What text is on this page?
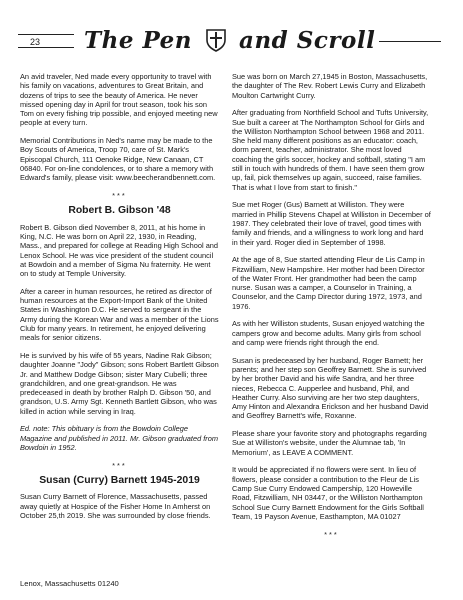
23	The Pen and Scroll

An avid traveler, Ned made every opportunity to travel with his family on vacations, adventures to Great Britain, and dozens of trips to see the beauty of America. He never missed opening day in April for trout season, took his son Tom on every fishing trip possible, and enjoyed meeting new people at every turn.

Memorial Contributions in Ned's name may be made to the Boy Scouts of America, Troop 70, care of St. Mark's Episcopal Church, 111 Oenoke Ridge, New Canaan, CT 06840. For on-line condolences, or to share a memory with Edward's family, please visit: www.beecherandbennett.com.

***
Robert B. Gibson '48

Robert B. Gibson died November 8, 2011, at his home in King, N.C. He was born on April 22, 1930, in Reading, Mass., and prepared for college at Reading High School and Lenox School. He was vice president of the student council at Bowdoin and a member of Sigma Nu fraternity. He went on to study at Temple University.

After a career in human resources, he retired as director of human resources at the Export-Import Bank of the United States in Washington D.C. He served to sergeant in the Army during the Korean War and was a member of the Lions Club for many years. In retirement, he enjoyed delivering meals for senior citizens.

He is survived by his wife of 55 years, Nadine Rak Gibson; daughter Joanne "Jody" Gibson; sons Robert Bartlett Gibson Jr. and Matthew Dodge Gibson; sister Mary Cubelli; three grandchildren, and one great-grandson. He was predeceased in death by brother Ralph D. Gibson '50, and grandson, U.S. Army Sgt. Kenneth Bartlett Gibson, who was killed in action while serving in Iraq.

Ed. note: This obituary is from the Bowdoin College Magazine and published in 2011. Mr. Gibson graduated from Bowdoin in 1952.

***
Susan (Curry) Barnett 1945-2019

Susan Curry Barnett of Florence, Massachusetts, passed away quietly at Hospice of the Fisher Home In Amherst on October 25,th 2019. She was surrounded by close friends.

Sue was born on March 27,1945 in Boston, Massachusetts, the daughter of The Rev. Robert Lewis Curry and Elizabeth Moulton Cartwright Curry.

After graduating from Northfield School and Tufts University, Sue built a career at The Northampton School for Girls and the Williston Northampton School between 1968 and 2011. She held many different positions as an educator: coach, dorm parent, teacher, administrator. She most loved coaching the girls soccer, hockey and softball, stating "I am still in touch with hundreds of them. I have seen them grow up, fail, pick themselves up again, succeed, raise families. That is what I love from start to finish."

Sue met Roger (Gus) Barnett at Williston. They were married in Phillip Stevens Chapel at Williston in December of 1987. They celebrated their love of travel, good times with family and friends, and a willingness to work long and hard in their yard. Roger died in September of 1998.

At the age of 8, Sue started attending Fleur de Lis Camp in Fitzwilliam, New Hampshire. Her mother had been Director of the Water Front. Her grandmother had been the camp nurse. Susan was a camper, a Counselor in Training, a Counselor, and the Camp Director during 1972, 1973, and 1976.

As with her Williston students, Susan enjoyed watching the campers grow and become adults. Many girls from school and camp were friends right through the end.

Susan is predeceased by her husband, Roger Barnett; her parents; and her step son Geoffrey Barnett. She is survived by her brother David and his wife Sandra, and her three nieces, Rebecca C. Aupperlee and husband, Phil, and Heather Curry. Also surviving are her two step daughters, Amy Hinton and Alexandra Erickson and her husband David and Geoffrey Barnett's wife, Roxanne.

Please share your favorite story and photographs regarding Sue at Williston's website, under the Alumnae tab, 'In Memorium', as LEAVE A COMMENT.

It would be appreciated if no flowers were sent. In lieu of flowers, please consider a contribution to the Fleur de Lis Camp Sue Curry Endowed Campership, 120 Howeville Road, Fitzwilliam, NH 03447, or the Williston Northampton School Sue Curry Barnett Endowment for the Girls Softball Team, 19 Payson Avenue, Easthampton, MA 01027

***
Lenox, Massachusetts 01240
